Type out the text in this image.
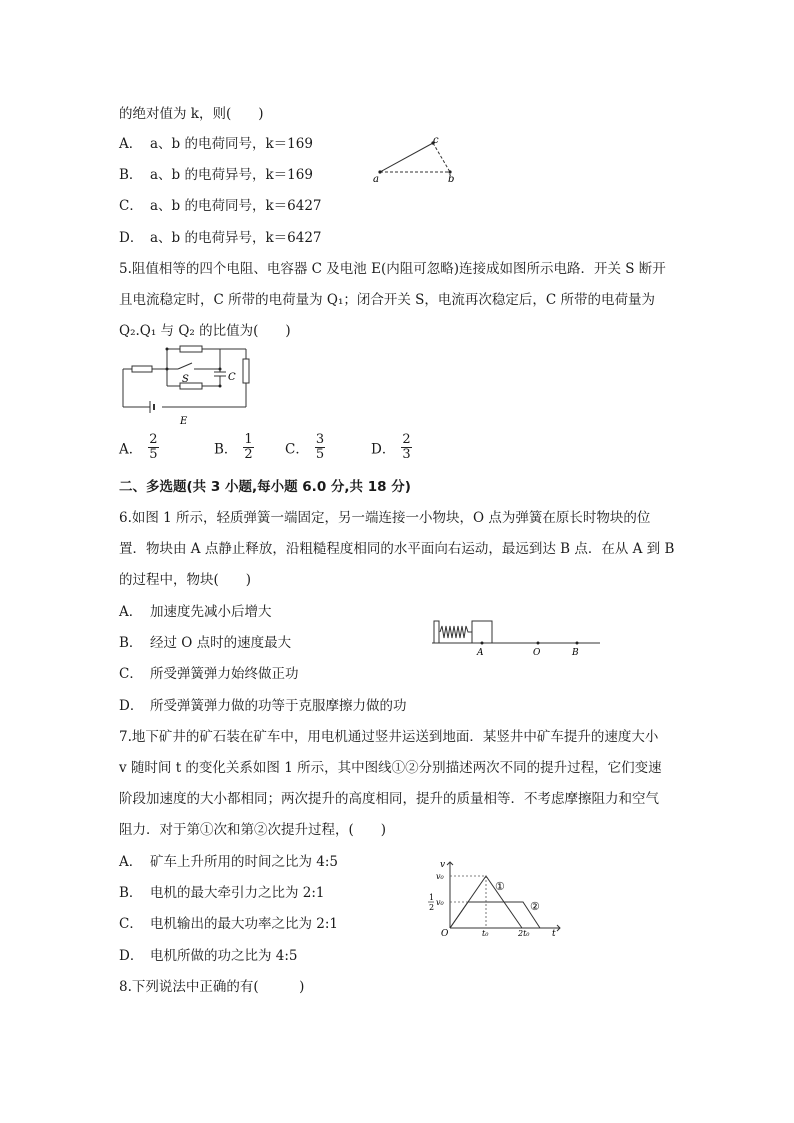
的绝对值为 k，则(　　)
A． a、b 的电荷同号，k＝169
B． a、b 的电荷异号，k＝169
C． a、b 的电荷同号，k＝6427
D． a、b 的电荷异号，k＝6427
a
c
b
5.阻值相等的四个电阻、电容器 C 及电池 E(内阻可忽略)连接成如图所示电路．开关 S 断开
且电流稳定时，C 所带的电荷量为 Q₁；闭合开关 S，电流再次稳定后，C 所带的电荷量为
Q₂.Q₁ 与 Q₂ 的比值为(　　)
S	C
E
A． $\frac{2}{5}$	B． $\frac{1}{2}$ C． $\frac{3}{5}$	D． $\frac{2}{3}$
二、多选题(共 3 小题,每小题 6.0 分,共 18 分)
6.如图 1 所示，轻质弹簧一端固定，另一端连接一小物块，O 点为弹簧在原长时物块的位
置．物块由 A 点静止释放，沿粗糙程度相同的水平面向右运动，最远到达 B 点．在从 A 到 B
的过程中，物块(　　)
A． 加速度先减小后增大
B． 经过 O 点时的速度最大
C． 所受弹簧弹力始终做正功
D． 所受弹簧弹力做的功等于克服摩擦力做的功
A	O	B
7.地下矿井的矿石装在矿车中，用电机通过竖井运送到地面．某竖井中矿车提升的速度大小
v 随时间 t 的变化关系如图 1 所示，其中图线①②分别描述两次不同的提升过程，它们变速
阶段加速度的大小都相同；两次提升的高度相同，提升的质量相等．不考虑摩擦阻力和空气
阻力．对于第①次和第②次提升过程，(　　)
A． 矿车上升所用的时间之比为 4:5
B． 电机的最大牵引力之比为 2:1
C． 电机输出的最大功率之比为 2:1
D． 电机所做的功之比为 4:5
v
v₀
1
2
v₀
O	t₀	2t₀ t
①
②
8.下列说法中正确的有(　　　)
